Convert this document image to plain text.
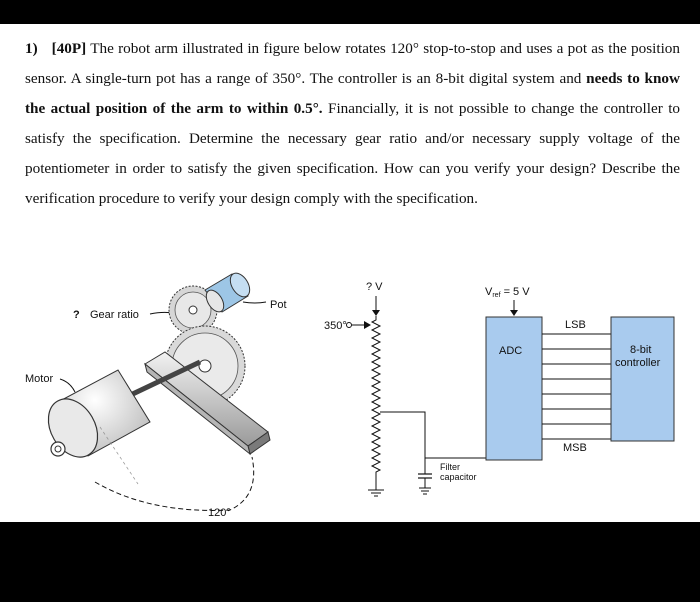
1) [40P] The robot arm illustrated in figure below rotates 120° stop-to-stop and uses a pot as the position sensor. A single-turn pot has a range of 350°. The controller is an 8-bit digital system and needs to know the actual position of the arm to within 0.5°. Financially, it is not possible to change the controller to satisfy the specification. Determine the necessary gear ratio and/or necessary supply voltage of the potentiometer in order to satisfy the given specification. How can you verify your design? Describe the verification procedure to verify your design comply with the specification.
? Gear ratio
Pot
Motor
120°
? V
350°
Filter
capacitor
Vref = 5 V
ADC
LSB
MSB
8-bit
controller
